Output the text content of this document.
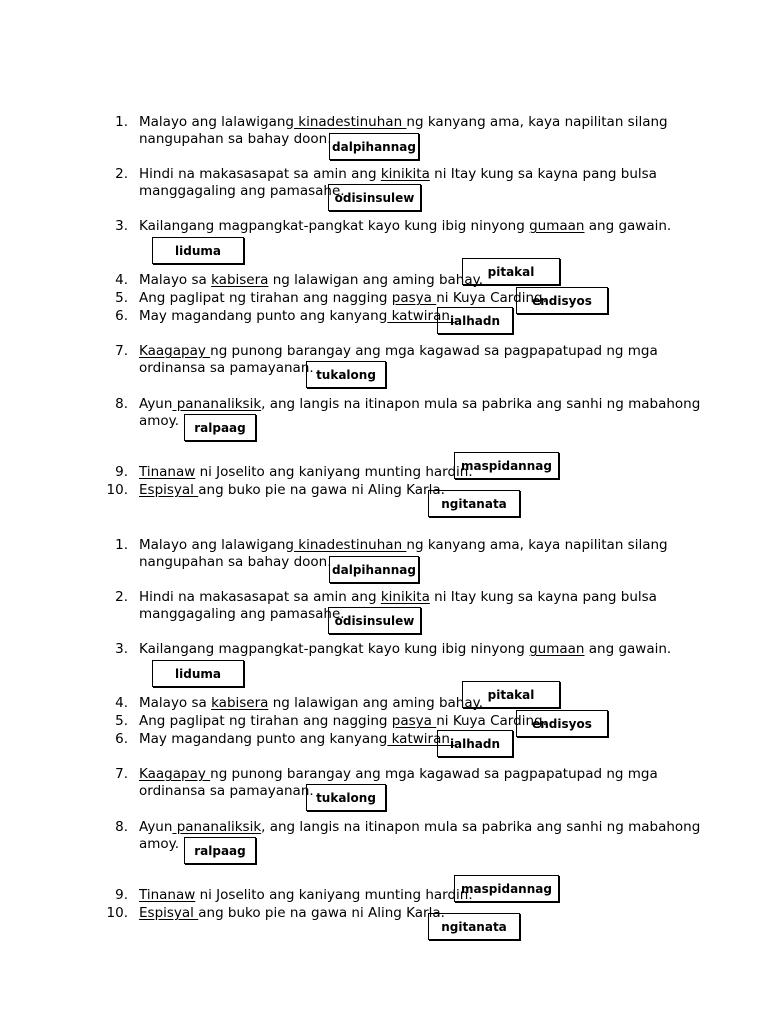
1. Malayo ang lalawigang kinadestinuhan ng kanyang ama, kaya napilitan silang
nangupahan sa bahay doon.
2. Hindi na makasasapat sa amin ang kinikita ni Itay kung sa kayna pang bulsa
manggagaling ang pamasahe.
3. Kailangang magpangkat-pangkat kayo kung ibig ninyong gumaan ang gawain.
4. Malayo sa kabisera ng lalawigan ang aming bahay.
5. Ang paglipat ng tirahan ang nagging pasya ni Kuya Carding.
6. May magandang punto ang kanyang katwiran.
7. Kaagapay ng punong barangay ang mga kagawad sa pagpapatupad ng mga
ordinansa sa pamayanan.
8. Ayun pananaliksik, ang langis na itinapon mula sa pabrika ang sanhi ng mabahong
amoy.
9. Tinanaw ni Joselito ang kaniyang munting hardin.
10. Espisyal ang buko pie na gawa ni Aling Karla.
dalpihannag
odisinsulew
liduma
pitakal
endisyos
ialhadn
tukalong
ralpaag
maspidannag
ngitanata
1. Malayo ang lalawigang kinadestinuhan ng kanyang ama, kaya napilitan silang
nangupahan sa bahay doon.
2. Hindi na makasasapat sa amin ang kinikita ni Itay kung sa kayna pang bulsa
manggagaling ang pamasahe.
3. Kailangang magpangkat-pangkat kayo kung ibig ninyong gumaan ang gawain.
4. Malayo sa kabisera ng lalawigan ang aming bahay.
5. Ang paglipat ng tirahan ang nagging pasya ni Kuya Carding.
6. May magandang punto ang kanyang katwiran.
7. Kaagapay ng punong barangay ang mga kagawad sa pagpapatupad ng mga
ordinansa sa pamayanan.
8. Ayun pananaliksik, ang langis na itinapon mula sa pabrika ang sanhi ng mabahong
amoy.
9. Tinanaw ni Joselito ang kaniyang munting hardin.
10. Espisyal ang buko pie na gawa ni Aling Karla.
dalpihannag
odisinsulew
liduma
pitakal
endisyos
ialhadn
tukalong
ralpaag
maspidannag
ngitanata
